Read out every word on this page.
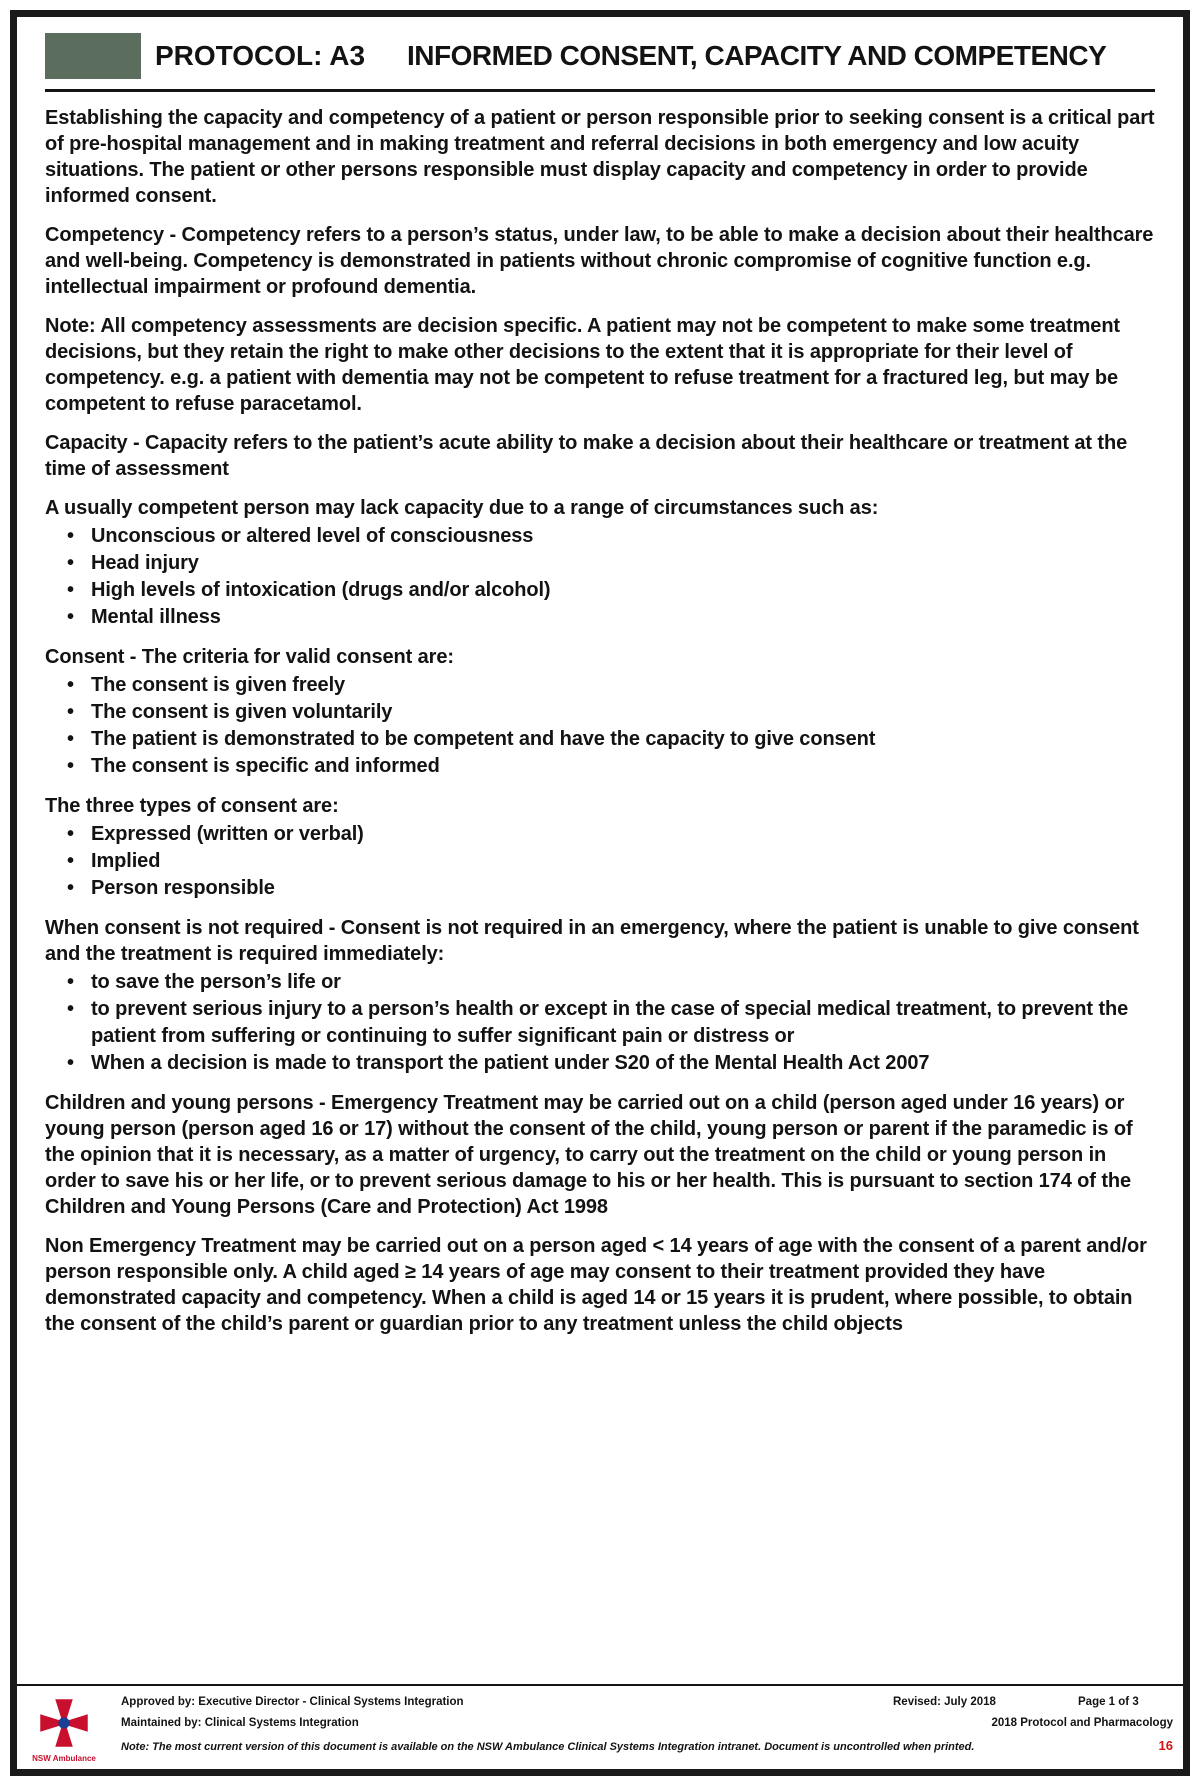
PROTOCOL: A3 INFORMED CONSENT, CAPACITY AND COMPETENCY

Establishing the capacity and competency of a patient or person responsible prior to seeking consent is a critical part of pre-hospital management and in making treatment and referral decisions in both emergency and low acuity situations. The patient or other persons responsible must display capacity and competency in order to provide informed consent.

Competency - Competency refers to a person’s status, under law, to be able to make a decision about their healthcare and well-being. Competency is demonstrated in patients without chronic compromise of cognitive function e.g. intellectual impairment or profound dementia.

Note: All competency assessments are decision specific. A patient may not be competent to make some treatment decisions, but they retain the right to make other decisions to the extent that it is appropriate for their level of competency. e.g. a patient with dementia may not be competent to refuse treatment for a fractured leg, but may be competent to refuse paracetamol.

Capacity - Capacity refers to the patient’s acute ability to make a decision about their healthcare or treatment at the time of assessment

A usually competent person may lack capacity due to a range of circumstances such as:

• Unconscious or altered level of consciousness
• Head injury
• High levels of intoxication (drugs and/or alcohol)
• Mental illness

Consent - The criteria for valid consent are:

• The consent is given freely
• The consent is given voluntarily
• The patient is demonstrated to be competent and have the capacity to give consent
• The consent is specific and informed

The three types of consent are:

• Expressed (written or verbal)
• Implied
• Person responsible

When consent is not required - Consent is not required in an emergency, where the patient is unable to give consent and the treatment is required immediately:

• to save the person’s life or
• to prevent serious injury to a person’s health or except in the case of special medical treatment, to prevent the patient from suffering or continuing to suffer significant pain or distress or
• When a decision is made to transport the patient under S20 of the Mental Health Act 2007

Children and young persons - Emergency Treatment may be carried out on a child (person aged under 16 years) or young person (person aged 16 or 17) without the consent of the child, young person or parent if the paramedic is of the opinion that it is necessary, as a matter of urgency, to carry out the treatment on the child or young person in order to save his or her life, or to prevent serious damage to his or her health. This is pursuant to section 174 of the Children and Young Persons (Care and Protection) Act 1998

Non Emergency Treatment may be carried out on a person aged < 14 years of age with the consent of a parent and/or person responsible only. A child aged ≥ 14 years of age may consent to their treatment provided they have demonstrated capacity and competency. When a child is aged 14 or 15 years it is prudent, where possible, to obtain the consent of the child’s parent or guardian prior to any treatment unless the child objects

NSW Ambulance
Approved by: Executive Director - Clinical Systems Integration	Revised: July 2018	Page 1 of 3
Maintained by: Clinical Systems Integration	2018 Protocol and Pharmacology
Note: The most current version of this document is available on the NSW Ambulance Clinical Systems Integration intranet. Document is uncontrolled when printed.	16
